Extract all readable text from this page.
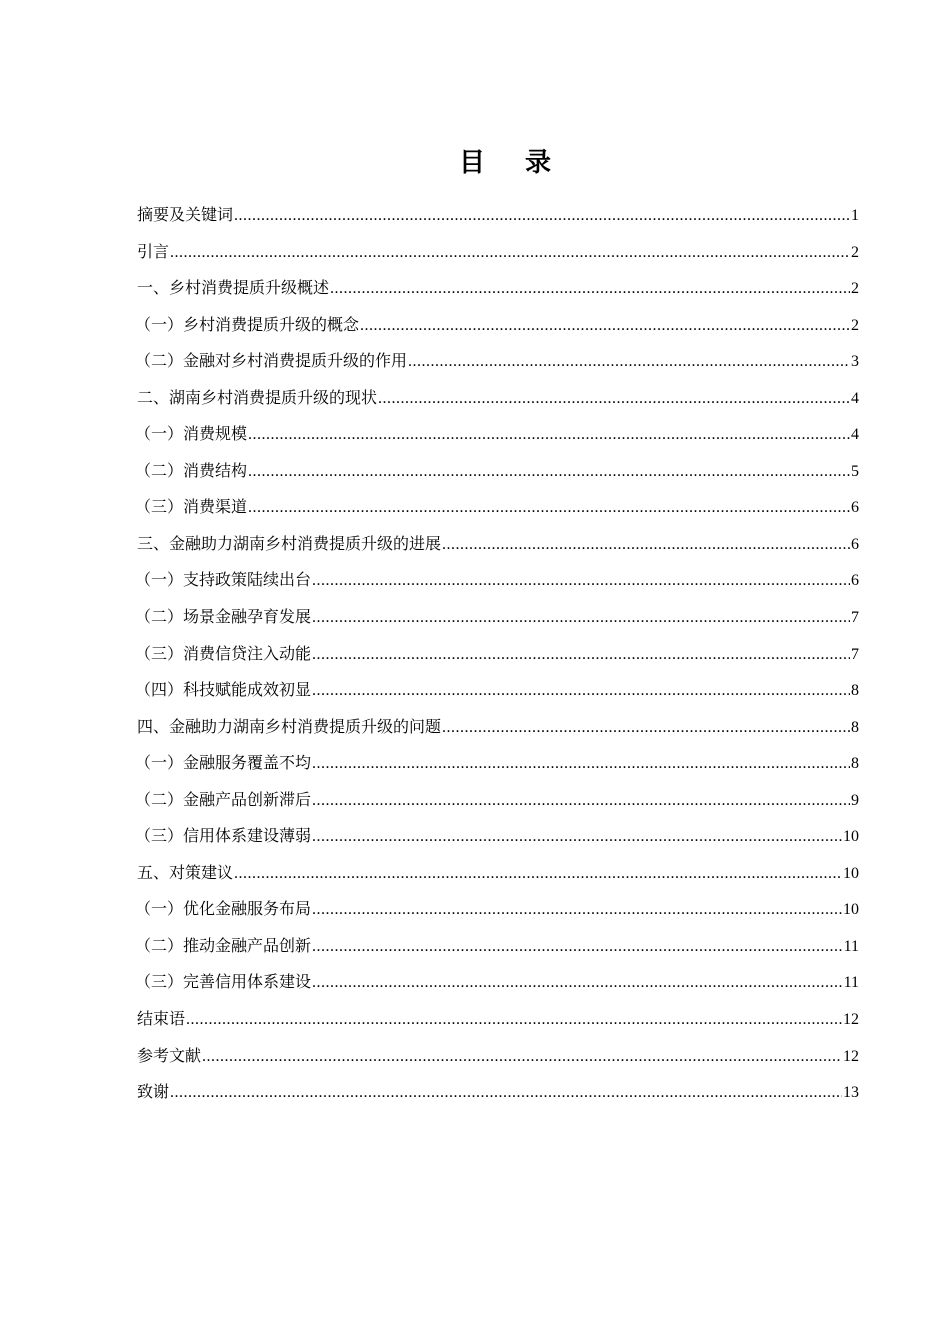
目录
摘要及关键词 .....	1
引言 .....	2
一、乡村消费提质升级概述 .....	2
（一）乡村消费提质升级的概念 .....	2
（二）金融对乡村消费提质升级的作用 .....	3
二、湖南乡村消费提质升级的现状 .....	4
（一）消费规模 .....	4
（二）消费结构 .....	5
（三）消费渠道 .....	6
三、金融助力湖南乡村消费提质升级的进展 .....	6
（一）支持政策陆续出台 .....	6
（二）场景金融孕育发展 .....	7
（三）消费信贷注入动能 .....	7
（四）科技赋能成效初显 .....	8
四、金融助力湖南乡村消费提质升级的问题 .....	8
（一）金融服务覆盖不均 .....	8
（二）金融产品创新滞后 .....	9
（三）信用体系建设薄弱 .....	10
五、对策建议 .....	10
（一）优化金融服务布局 .....	10
（二）推动金融产品创新 .....	11
（三）完善信用体系建设 .....	11
结束语 .....	12
参考文献 .....	12
致谢 .....	13
